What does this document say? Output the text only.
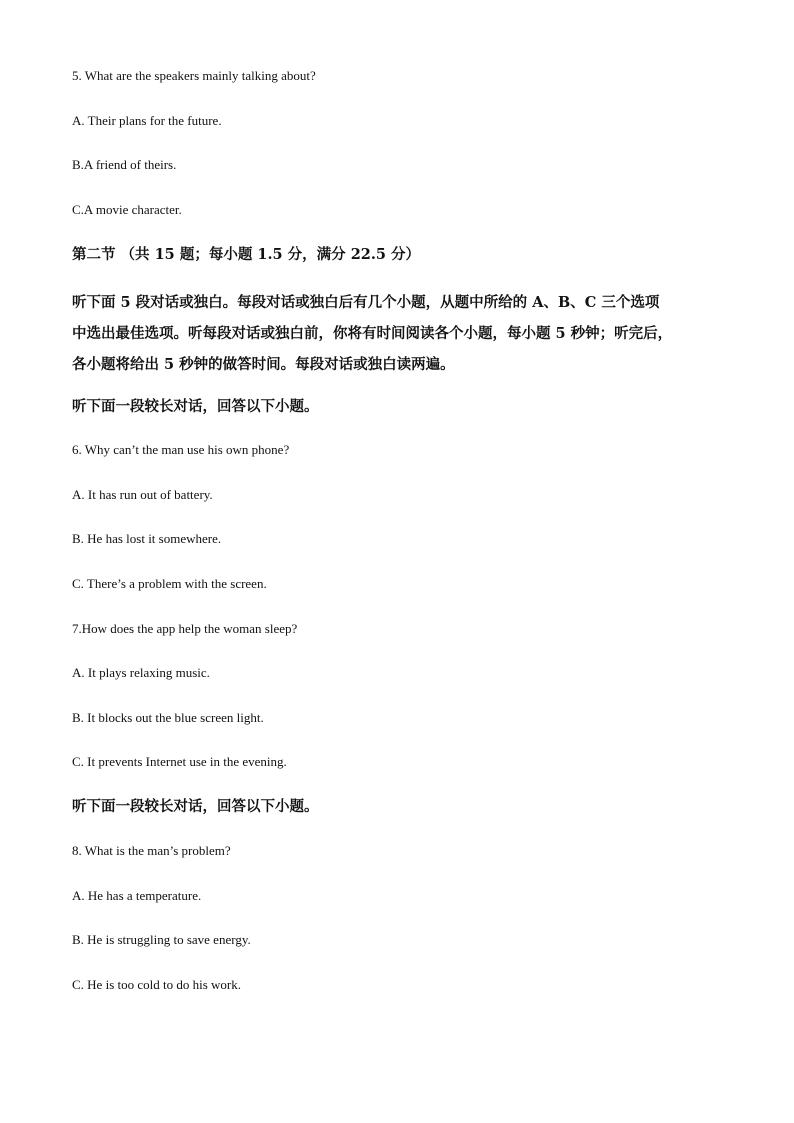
5. What are the speakers mainly talking about?
A. Their plans for the future.
B.A friend of theirs.
C.A movie character.
第二节 （共 15 题；每小题 1.5 分，满分 22.5 分）
听下面 5 段对话或独白。每段对话或独白后有几个小题，从题中所给的 A、B、C 三个选项
中选出最佳选项。听每段对话或独白前，你将有时间阅读各个小题，每小题 5 秒钟；听完后，
各小题将给出 5 秒钟的做答时间。每段对话或独白读两遍。
听下面一段较长对话，回答以下小题。
6. Why can’t the man use his own phone?
A. It has run out of battery.
B. He has lost it somewhere.
C. There’s a problem with the screen.
7.How does the app help the woman sleep?
A. It plays relaxing music.
B. It blocks out the blue screen light.
C. It prevents Internet use in the evening.
听下面一段较长对话，回答以下小题。
8. What is the man’s problem?
A. He has a temperature.
B. He is struggling to save energy.
C. He is too cold to do his work.
